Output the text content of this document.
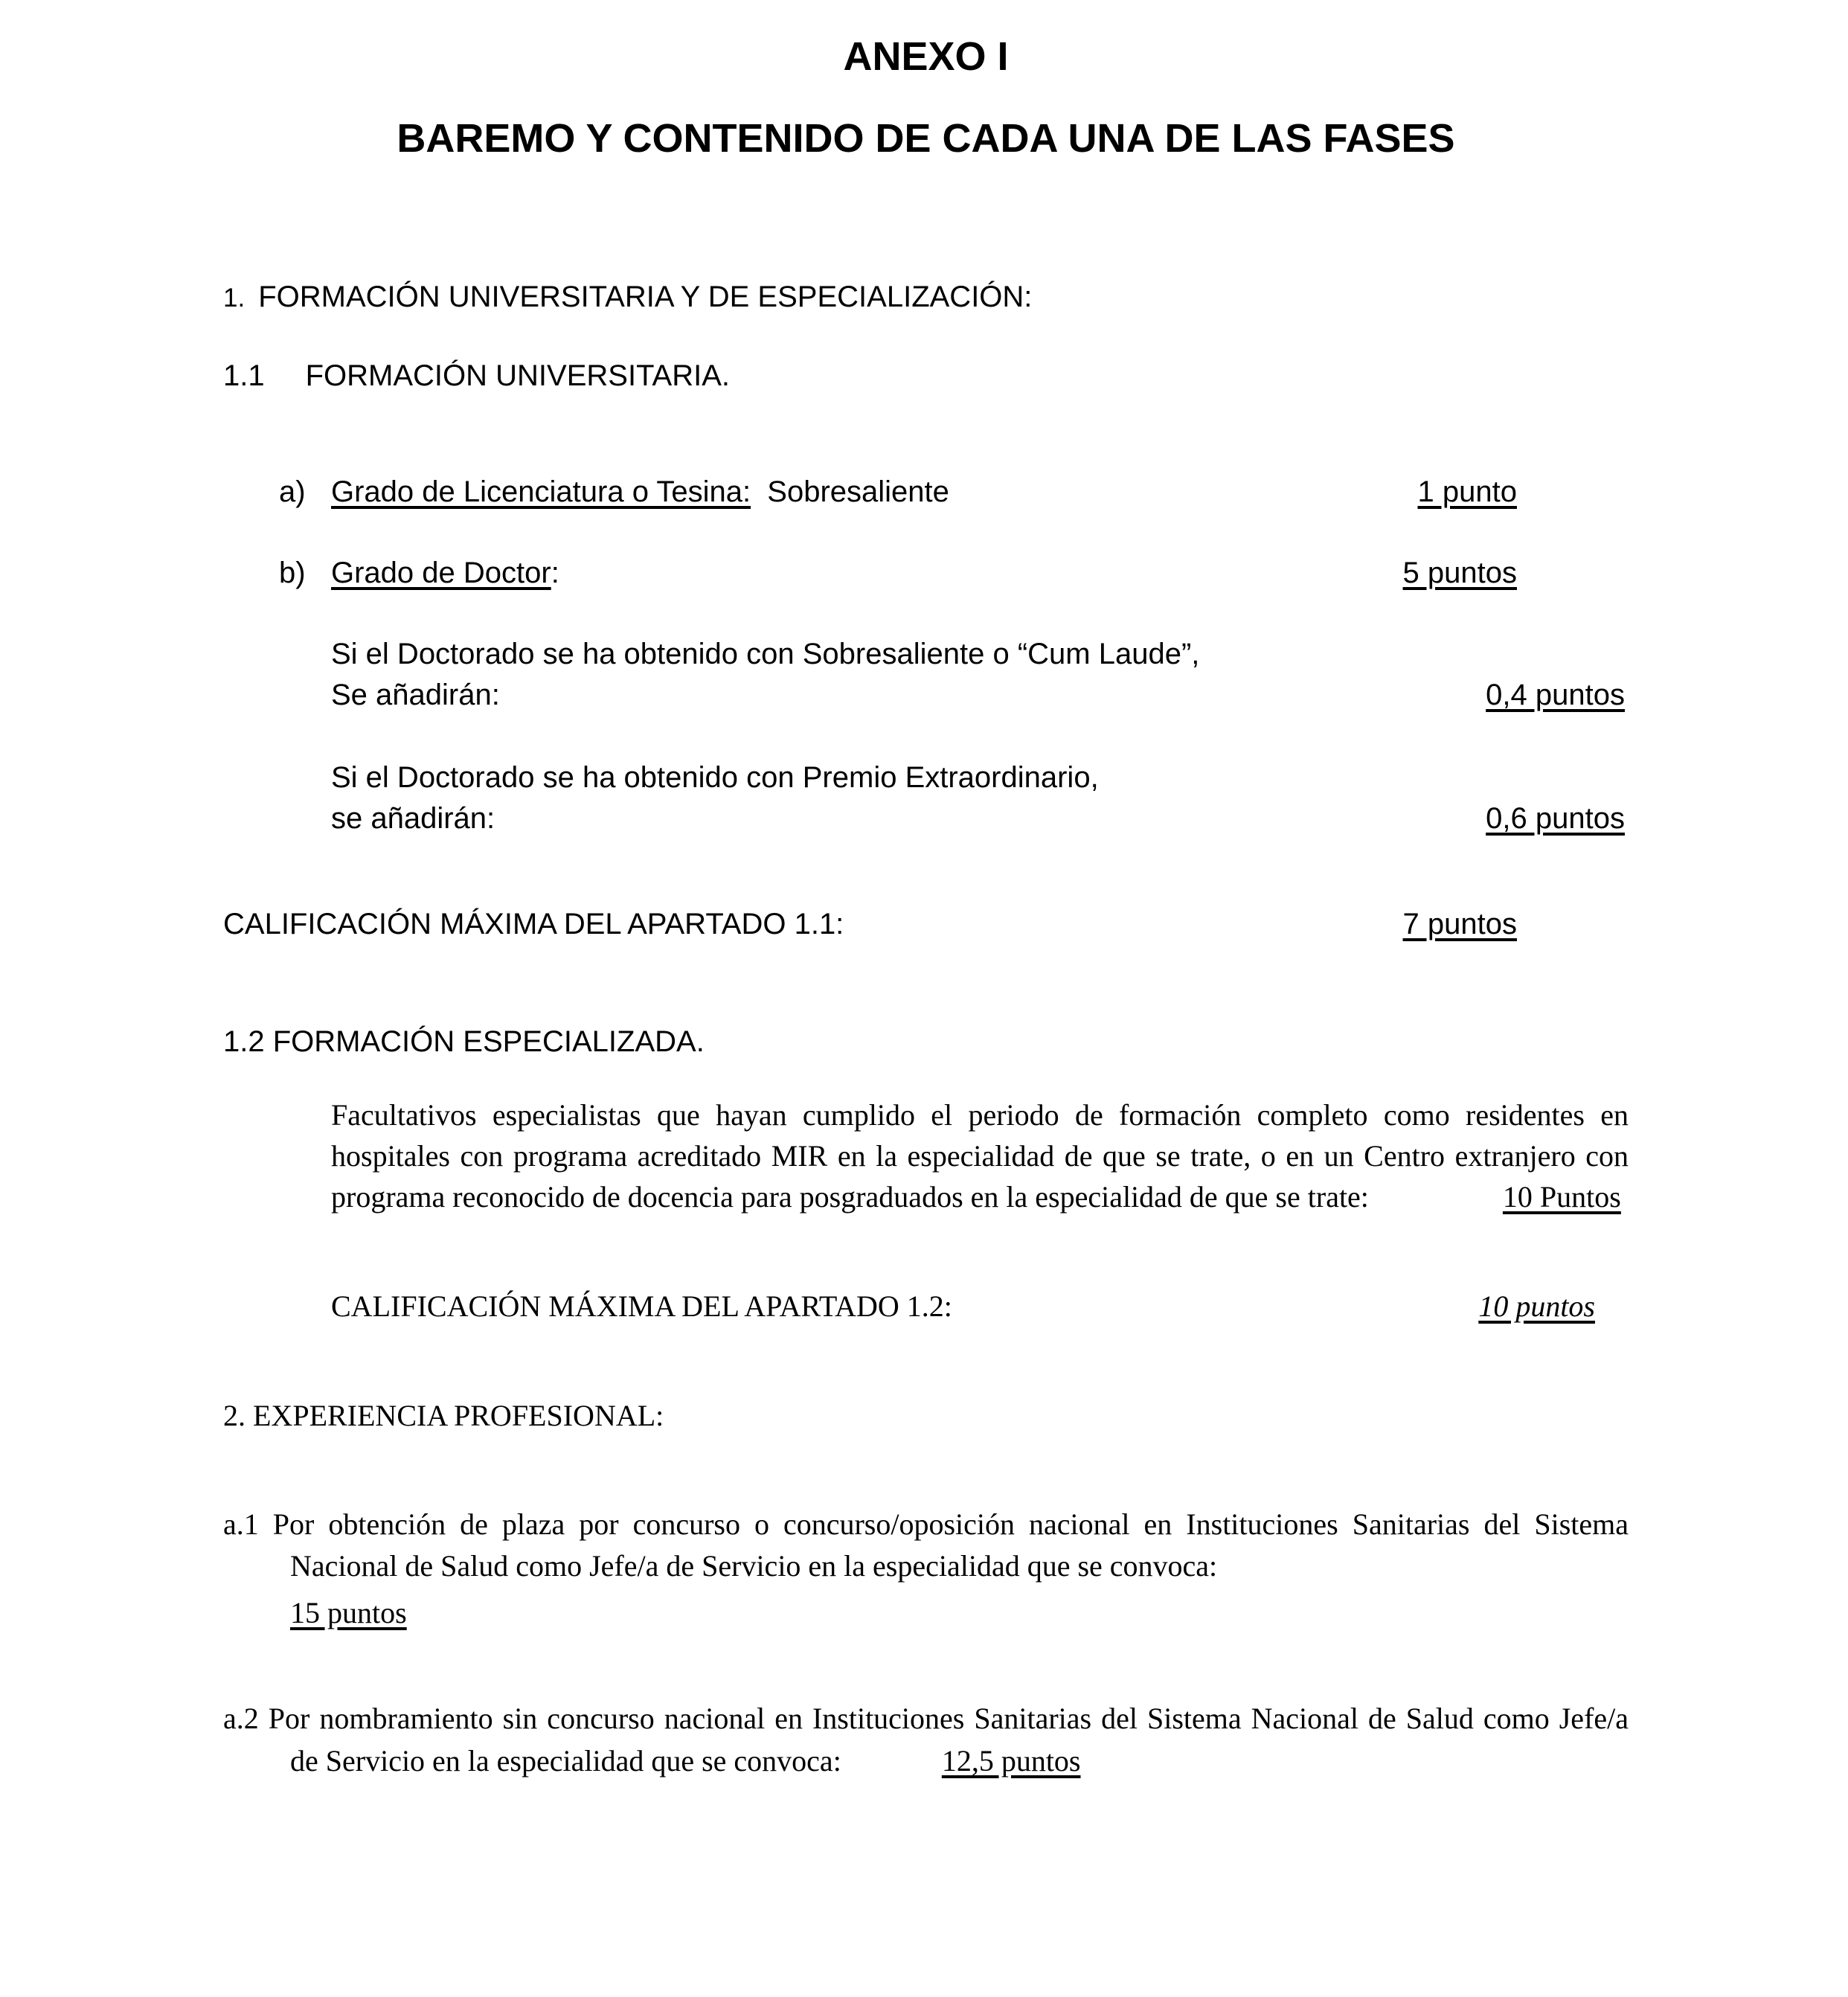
ANEXO I
BAREMO Y CONTENIDO DE CADA UNA DE LAS FASES
1. FORMACIÓN UNIVERSITARIA Y DE ESPECIALIZACIÓN:
1.1 FORMACIÓN UNIVERSITARIA.
a) Grado de Licenciatura o Tesina: Sobresaliente	1 punto
b) Grado de Doctor:	5 puntos
Si el Doctorado se ha obtenido con Sobresaliente o “Cum Laude”,
Se añadirán:	0,4 puntos
Si el Doctorado se ha obtenido con Premio Extraordinario,
se añadirán:	0,6 puntos
CALIFICACIÓN MÁXIMA DEL APARTADO 1.1:	7 puntos
1.2 FORMACIÓN ESPECIALIZADA.
Facultativos especialistas que hayan cumplido el periodo de formación completo como residentes en hospitales con programa acreditado MIR en la especialidad de que se trate, o en un Centro extranjero con programa reconocido de docencia para posgraduados en la especialidad de que se trate:	10 Puntos
CALIFICACIÓN MÁXIMA DEL APARTADO 1.2:	10 puntos
2. EXPERIENCIA PROFESIONAL:
a.1 Por obtención de plaza por concurso o concurso/oposición nacional en Instituciones Sanitarias del Sistema Nacional de Salud como Jefe/a de Servicio en la especialidad que se convoca:
15 puntos
a.2 Por nombramiento sin concurso nacional en Instituciones Sanitarias del Sistema Nacional de Salud como Jefe/a de Servicio en la especialidad que se convoca:	12,5 puntos
